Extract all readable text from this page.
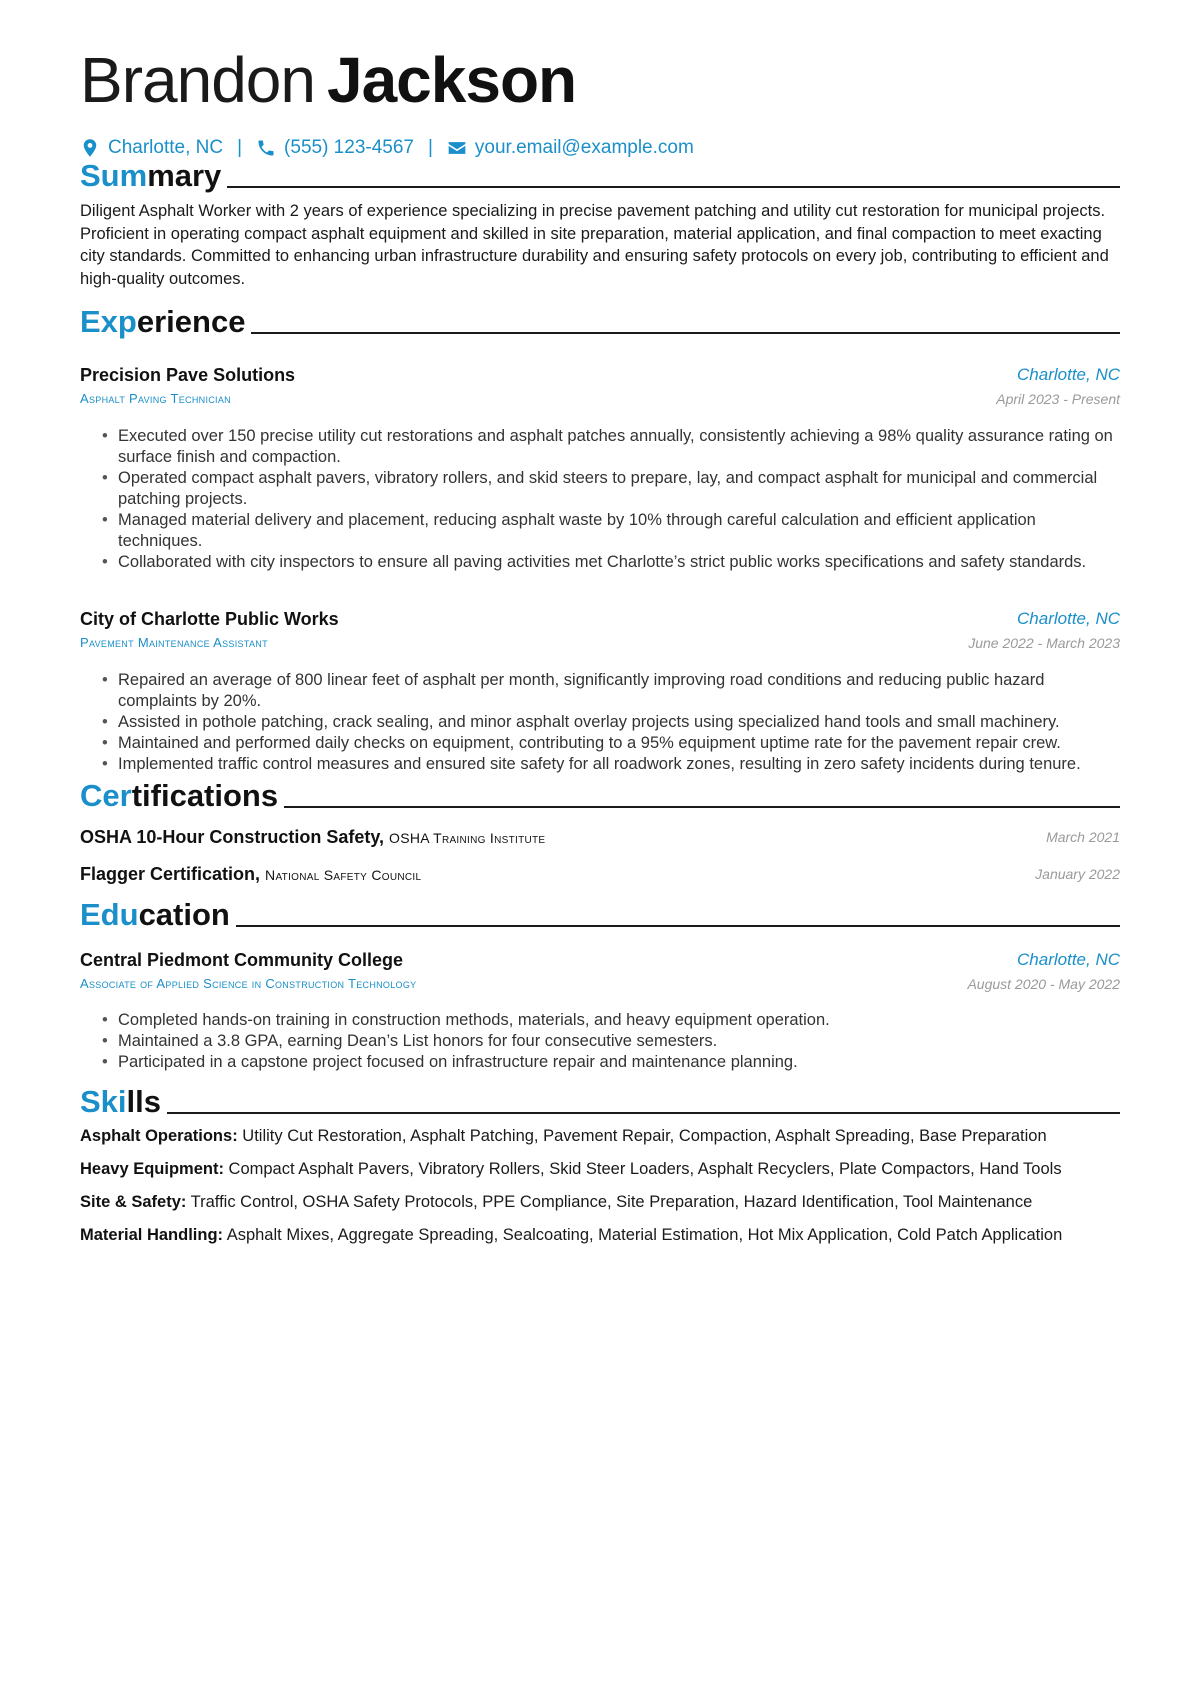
Brandon Jackson
Charlotte, NC | (555) 123-4567 | your.email@example.com
Summary
Diligent Asphalt Worker with 2 years of experience specializing in precise pavement patching and utility cut restoration for municipal projects. Proficient in operating compact asphalt equipment and skilled in site preparation, material application, and final compaction to meet exacting city standards. Committed to enhancing urban infrastructure durability and ensuring safety protocols on every job, contributing to efficient and high-quality outcomes.
Experience
Precision Pave Solutions	Charlotte, NC
Asphalt Paving Technician	April 2023 - Present
• Executed over 150 precise utility cut restorations and asphalt patches annually, consistently achieving a 98% quality assurance rating on surface finish and compaction.
• Operated compact asphalt pavers, vibratory rollers, and skid steers to prepare, lay, and compact asphalt for municipal and commercial patching projects.
• Managed material delivery and placement, reducing asphalt waste by 10% through careful calculation and efficient application techniques.
• Collaborated with city inspectors to ensure all paving activities met Charlotte’s strict public works specifications and safety standards.
City of Charlotte Public Works	Charlotte, NC
Pavement Maintenance Assistant	June 2022 - March 2023
• Repaired an average of 800 linear feet of asphalt per month, significantly improving road conditions and reducing public hazard complaints by 20%.
• Assisted in pothole patching, crack sealing, and minor asphalt overlay projects using specialized hand tools and small machinery.
• Maintained and performed daily checks on equipment, contributing to a 95% equipment uptime rate for the pavement repair crew.
• Implemented traffic control measures and ensured site safety for all roadwork zones, resulting in zero safety incidents during tenure.
Certifications
OSHA 10-Hour Construction Safety, OSHA Training Institute	March 2021
Flagger Certification, National Safety Council	January 2022
Education
Central Piedmont Community College	Charlotte, NC
Associate of Applied Science in Construction Technology	August 2020 - May 2022
• Completed hands-on training in construction methods, materials, and heavy equipment operation.
• Maintained a 3.8 GPA, earning Dean’s List honors for four consecutive semesters.
• Participated in a capstone project focused on infrastructure repair and maintenance planning.
Skills
Asphalt Operations: Utility Cut Restoration, Asphalt Patching, Pavement Repair, Compaction, Asphalt Spreading, Base Preparation
Heavy Equipment: Compact Asphalt Pavers, Vibratory Rollers, Skid Steer Loaders, Asphalt Recyclers, Plate Compactors, Hand Tools
Site & Safety: Traffic Control, OSHA Safety Protocols, PPE Compliance, Site Preparation, Hazard Identification, Tool Maintenance
Material Handling: Asphalt Mixes, Aggregate Spreading, Sealcoating, Material Estimation, Hot Mix Application, Cold Patch Application
